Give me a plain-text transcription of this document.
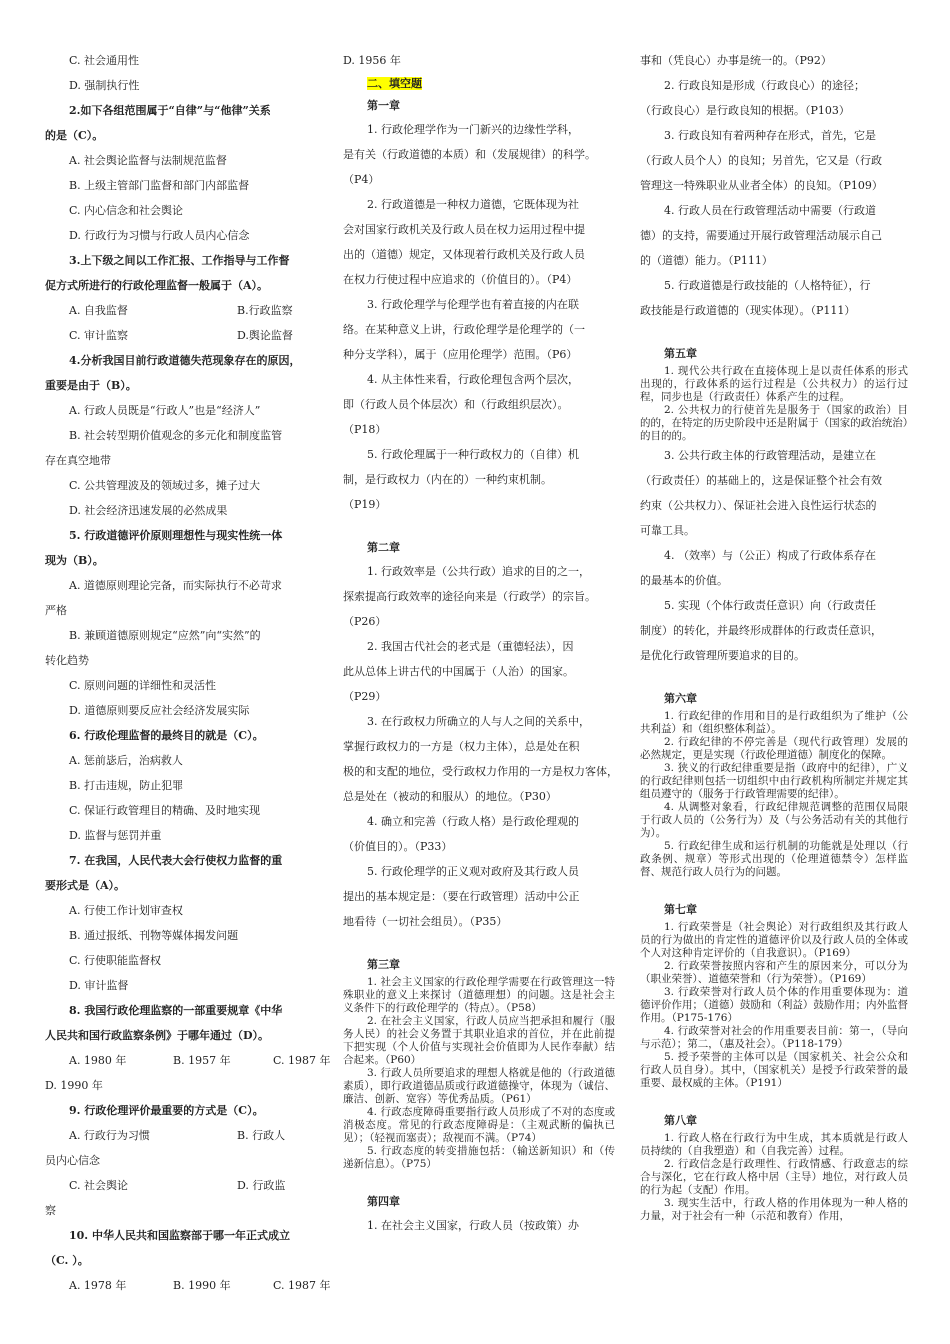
C. 社会通用性
D. 强制执行性
2.如下各组范围属于“自律”与“他律”关系
的是（C）。
A. 社会舆论监督与法制规范监督
B. 上级主管部门监督和部门内部监督
C. 内心信念和社会舆论
D. 行政行为习惯与行政人员内心信念
3.上下级之间以工作汇报、工作指导与工作督
促方式所进行的行政伦理监督一般属于（A）。
A. 自我监督	B.行政监察
C. 审计监察	D.舆论监督
4.分析我国目前行政道德失范现象存在的原因，
重要是由于（B）。
A. 行政人员既是“行政人”也是“经济人”
B. 社会转型期价值观念的多元化和制度监管
存在真空地带
C. 公共管理波及的领域过多，摊子过大
D. 社会经济迅速发展的必然成果
5. 行政道德评价原则理想性与现实性统一体
现为（B）。
A. 道德原则理论完备，而实际执行不必苛求
严格
B. 兼顾道德原则规定“应然”向“实然”的
转化趋势
C. 原则问题的详细性和灵活性
D. 道德原则要反应社会经济发展实际
6. 行政伦理监督的最终目的就是（C）。
A. 惩前毖后，治病救人
B. 打击违规，防止犯罪
C. 保证行政管理目的精确、及时地实现
D. 监督与惩罚并重
7. 在我国，人民代表大会行使权力监督的重
要形式是（A）。
A. 行使工作计划审查权
B. 通过报纸、刊物等媒体揭发问题
C. 行使职能监督权
D. 审计监督
8. 我国行政伦理监察的一部重要规章《中华
人民共和国行政监察条例》于哪年通过（D）。
A. 1980 年	B. 1957 年	C. 1987 年
D. 1990 年
9. 行政伦理评价最重要的方式是（C）。
A. 行政行为习惯	B. 行政人
员内心信念
C. 社会舆论	D. 行政监
察
10. 中华人民共和国监察部于哪一年正式成立
（C. ）。
A. 1978 年	B. 1990 年	C. 1987 年
D. 1956 年
二、填空题
第一章
1. 行政伦理学作为一门新兴的边缘性学科，
是有关（行政道德的本质）和（发展规律）的科学。
（P4）
2. 行政道德是一种权力道德，它既体现为社
会对国家行政机关及行政人员在权力运用过程中提
出的（道德）规定，又体现着行政机关及行政人员
在权力行使过程中应追求的（价值目的）。（P4）
3. 行政伦理学与伦理学也有着直接的内在联
络。在某种意义上讲，行政伦理学是伦理学的（一
种分支学科），属于（应用伦理学）范围。（P6）
4. 从主体性来看，行政伦理包含两个层次，
即（行政人员个体层次）和（行政组织层次）。
（P18）
5. 行政伦理属于一种行政权力的（自律）机
制，是行政权力（内在的）一种约束机制。
（P19）
第二章
1. 行政效率是（公共行政）追求的目的之一，
探索提高行政效率的途径向来是（行政学）的宗旨。
（P26）
2. 我国古代社会的老式是（重德轻法），因
此从总体上讲古代的中国属于（人治）的国家。
（P29）
3. 在行政权力所确立的人与人之间的关系中，
掌握行政权力的一方是（权力主体），总是处在积
极的和支配的地位，受行政权力作用的一方是权力客体，
总是处在（被动的和服从）的地位。（P30）
4. 确立和完善（行政人格）是行政伦理观的
（价值目的）。（P33）
5. 行政伦理学的正义观对政府及其行政人员
提出的基本规定是：（要在行政管理）活动中公正
地看待（一切社会组员）。（P35）
第三章
1. 社会主义国家的行政伦理学需要在行政管理这一特殊职业的意义上来探讨（道德理想）的问题。这是社会主义条件下的行政伦理学的（特点）。（P58）
2. 在社会主义国家，行政人员应当把承担和履行（服务人民）的社会义务置于其职业追求的首位，并在此前提下把实现（个人价值与实现社会价值即为人民作奉献）结合起来。（P60）
3. 行政人员所要追求的理想人格就是他的（行政道德素质），即行政道德品质或行政道德操守，体现为（诚信、廉洁、创新、宽容）等优秀品质。（P61）
4. 行政态度障碍重要指行政人员形成了不对的态度或消极态度。常见的行政态度障碍是：（主观武断的偏执已见）；（轻视而塞责）；敌视而不满。（P74）
5. 行政态度的转变措施包括：（输送新知识）和（传递新信息）。（P75）
第四章
1. 在社会主义国家，行政人员（按政策）办
事和（凭良心）办事是统一的。（P92）
2. 行政良知是形成（行政良心）的途径；
（行政良心）是行政良知的根据。（P103）
3. 行政良知有着两种存在形式，首先，它是
（行政人员个人）的良知；另首先，它又是（行政
管理这一特殊职业从业者全体）的良知。（P109）
4. 行政人员在行政管理活动中需要（行政道
德）的支持，需要通过开展行政管理活动展示自己
的（道德）能力。（P111）
5. 行政道德是行政技能的（人格特征），行
政技能是行政道德的（现实体现）。（P111）
第五章
1. 现代公共行政在直接体现上是以责任体系的形式出现的，行政体系的运行过程是（公共权力）的运行过程，同步也是（行政责任）体系产生的过程。
2. 公共权力的行使首先是服务于（国家的政治）目的的，在特定的历史阶段中还是附属于（国家的政治统治）的目的的。
3. 公共行政主体的行政管理活动，是建立在
（行政责任）的基础上的，这是保证整个社会有效
约束（公共权力）、保证社会进入良性运行状态的
可靠工具。
4. （效率）与（公正）构成了行政体系存在
的最基本的价值。
5. 实现（个体行政责任意识）向（行政责任
制度）的转化，并最终形成群体的行政责任意识，
是优化行政管理所要追求的目的。
第六章
1. 行政纪律的作用和目的是行政组织为了维护（公共利益）和（组织整体利益）。
2. 行政纪律的不停完善是（现代行政管理）发展的必然规定，更是实现（行政伦理道德）制度化的保障。
3. 狭义的行政纪律重要是指（政府中的纪律），广义的行政纪律则包括一切组织中由行政机构所制定并规定其组员遵守的（服务于行政管理需要的纪律）。
4. 从调整对象看，行政纪律规范调整的范围仅局限于行政人员的（公务行为）及（与公务活动有关的其他行为）。
5. 行政纪律生成和运行机制的功能就是处理以（行政条例、规章）等形式出现的（伦理道德禁令）怎样监督、规范行政人员行为的问题。
第七章
1. 行政荣誉是（社会舆论）对行政组织及其行政人员的行为做出的肯定性的道德评价以及行政人员的全体或个人对这种肯定评价的（自我意识）。（P169）
2. 行政荣誉按照内容和产生的原因来分，可以分为（职业荣誉）、道德荣誉和（行为荣誉）。（P169）
3. 行政荣誉对行政人员个体的作用重要体现为：道德评价作用；（道德）鼓励和（利益）鼓励作用；内外监督作用。（P175-176）
4. 行政荣誉对社会的作用重要表目前：第一，（导向与示范）；第二，（惠及社会）。（P118-179）
5. 授予荣誉的主体可以是（国家机关、社会公众和行政人员自身）。其中，（国家机关）是授予行政荣誉的最重要、最权威的主体。（P191）
第八章
1. 行政人格在行政行为中生成，其本质就是行政人员持续的（自我塑造）和（自我完善）过程。
2. 行政信念是行政理性、行政情感、行政意志的综合与深化，它在行政人格中居（主导）地位，对行政人员的行为起（支配）作用。
3. 现实生活中，行政人格的作用体现为一种人格的力量，对于社会有一种（示范和教育）作用，
